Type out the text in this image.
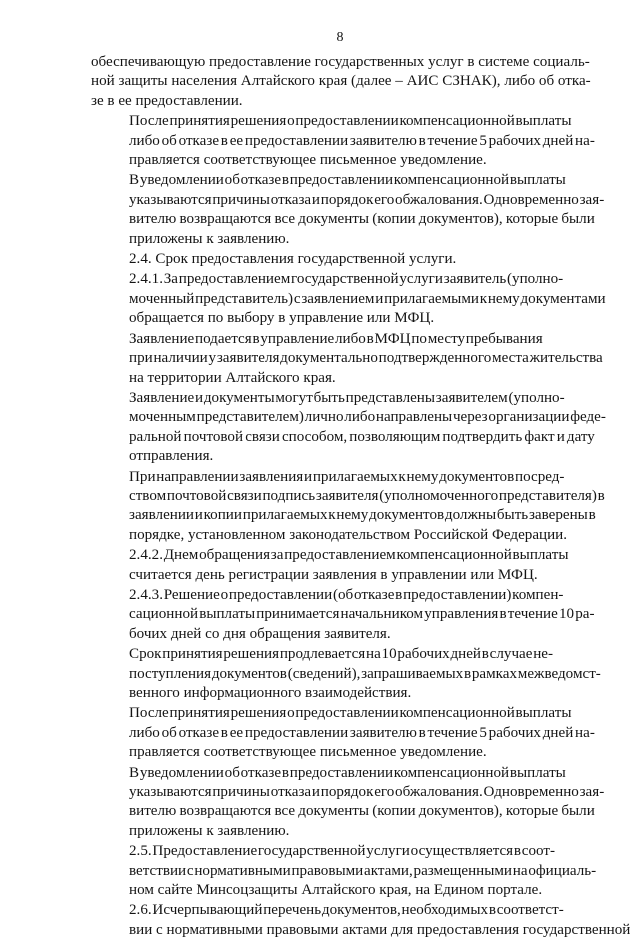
8

обеспечивающую предоставление государственных услуг в системе социаль-
ной защиты населения Алтайского края (далее – АИС СЗНАК), либо об отка-
зе в ее предоставлении.

После принятия решения о предоставлении компенсационной выплаты
либо об отказе в ее предоставлении заявителю в течение 5 рабочих дней на-
правляется соответствующее письменное уведомление.

В уведомлении об отказе в предоставлении компенсационной выплаты
указываются причины отказа и порядок его обжалования. Одновременно зая-
вителю возвращаются все документы (копии документов), которые были
приложены к заявлению.

2.4. Срок предоставления государственной услуги.

2.4.1. За предоставлением государственной услуги заявитель (уполно-
моченный представитель) с заявлением и прилагаемыми к нему документами
обращается по выбору в управление или МФЦ.

Заявление подается в управление либо в МФЦ по месту пребывания
при наличии у заявителя документально подтвержденного места жительства
на территории Алтайского края.

Заявление и документы могут быть представлены заявителем (уполно-
моченным представителем) лично либо направлены через организации феде-
ральной почтовой связи способом, позволяющим подтвердить факт и дату
отправления.

При направлении заявления и прилагаемых к нему документов посред-
ством почтовой связи подпись заявителя (уполномоченного представителя) в
заявлении и копии прилагаемых к нему документов должны быть заверены в
порядке, установленном законодательством Российской Федерации.

2.4.2. Днем обращения за предоставлением компенсационной выплаты
считается день регистрации заявления в управлении или МФЦ.

2.4.3. Решение о предоставлении (об отказе в предоставлении) компен-
сационной выплаты принимается начальником управления в течение 10 ра-
бочих дней со дня обращения заявителя.

Срок принятия решения продлевается на 10 рабочих дней в случае не-
поступления документов (сведений), запрашиваемых в рамках межведомст-
венного информационного взаимодействия.

После принятия решения о предоставлении компенсационной выплаты
либо об отказе в ее предоставлении заявителю в течение 5 рабочих дней на-
правляется соответствующее письменное уведомление.

В уведомлении об отказе в предоставлении компенсационной выплаты
указываются причины отказа и порядок его обжалования. Одновременно зая-
вителю возвращаются все документы (копии документов), которые были
приложены к заявлению.

2.5. Предоставление государственной услуги осуществляется в соот-
ветствии с нормативными правовыми актами, размещенными на официаль-
ном сайте Минсоцзащиты Алтайского края, на Едином портале.

2.6. Исчерпывающий перечень документов, необходимых в соответст-
вии с нормативными правовыми актами для предоставления государственной
